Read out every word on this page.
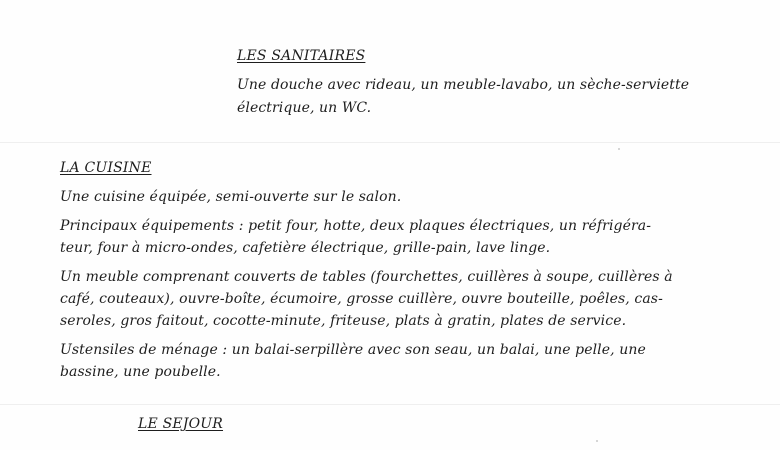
LES SANITAIRES
Une douche avec rideau, un meuble-lavabo, un sèche-serviette
électrique, un WC.
LA CUISINE
Une cuisine équipée, semi-ouverte sur le salon.
Principaux équipements : petit four, hotte, deux plaques électriques, un réfrigéra-
teur, four à micro-ondes, cafetière électrique, grille-pain, lave linge.
Un meuble comprenant couverts de tables (fourchettes, cuillères à soupe, cuillères à
café, couteaux), ouvre-boîte, écumoire, grosse cuillère, ouvre bouteille, poêles, cas-
seroles, gros faitout, cocotte-minute, friteuse, plats à gratin, plates de service.
Ustensiles de ménage : un balai-serpillère avec son seau, un balai, une pelle, une
bassine, une poubelle.
LE SEJOUR
